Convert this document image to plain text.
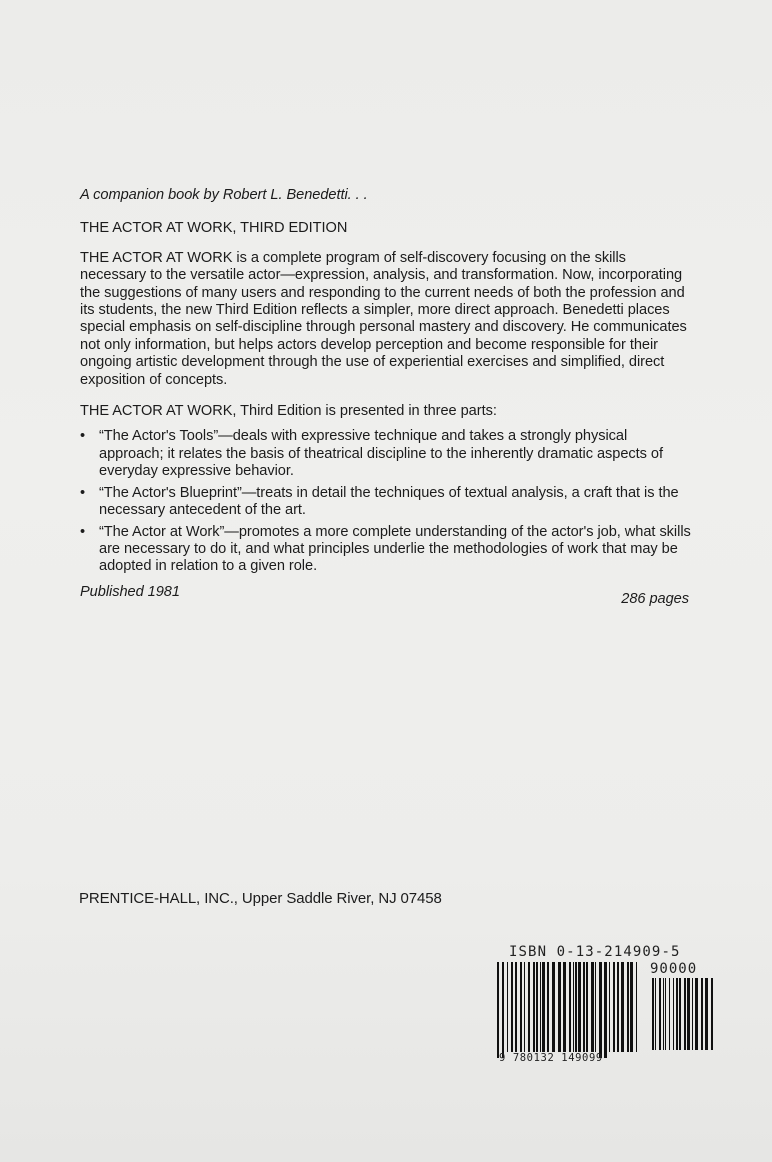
A companion book by Robert L. Benedetti. . .

THE ACTOR AT WORK, THIRD EDITION

THE ACTOR AT WORK is a complete program of self-discovery focusing on the skills necessary to the versatile actor—expression, analysis, and transformation. Now, incorporating the suggestions of many users and responding to the current needs of both the profession and its students, the new Third Edition reflects a simpler, more direct approach. Benedetti places special emphasis on self-discipline through personal mastery and discovery. He communicates not only information, but helps actors develop perception and become responsible for their ongoing artistic development through the use of experiential exercises and simplified, direct exposition of concepts.

THE ACTOR AT WORK, Third Edition is presented in three parts:

• “The Actor's Tools”—deals with expressive technique and takes a strongly physical approach; it relates the basis of theatrical discipline to the inherently dramatic aspects of everyday expressive behavior.
• “The Actor's Blueprint”—treats in detail the techniques of textual analysis, a craft that is the necessary antecedent of the art.
• “The Actor at Work”—promotes a more complete understanding of the actor's job, what skills are necessary to do it, and what principles underlie the methodologies of work that may be adopted in relation to a given role.
Published 1981	286 pages
PRENTICE-HALL, INC., Upper Saddle River, NJ 07458
ISBN 0-13-214909-5
90000
9 780132 149099
